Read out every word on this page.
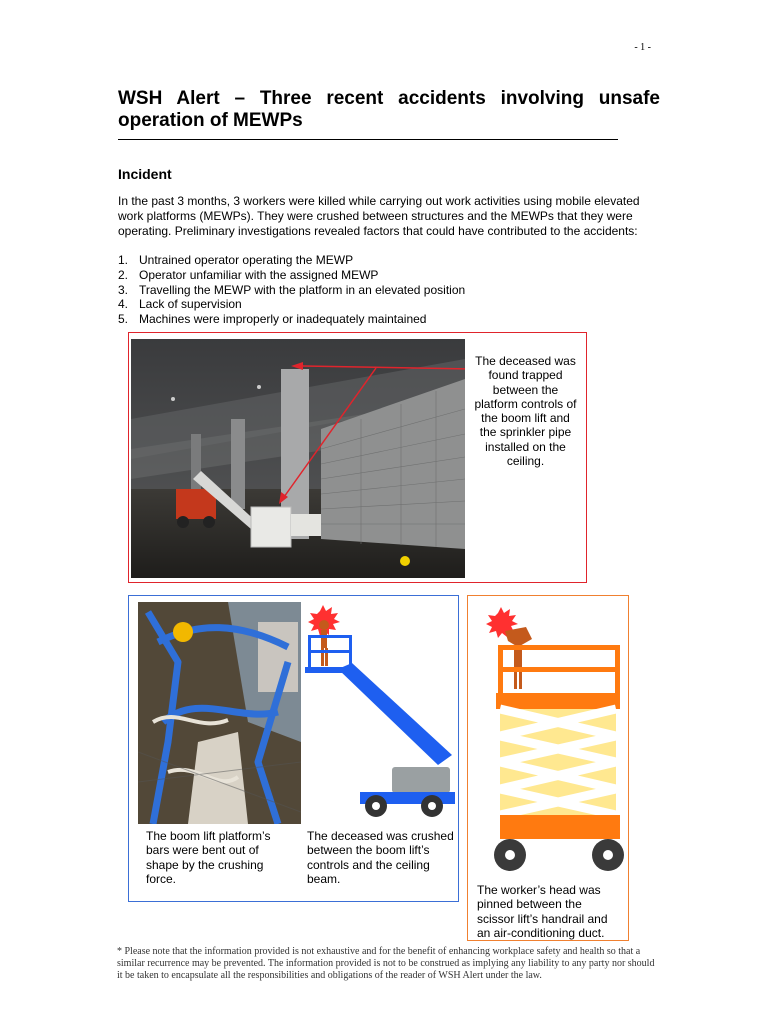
- 1 -
WSH Alert – Three recent accidents involving unsafe operation of MEWPs
Incident
In the past 3 months, 3 workers were killed while carrying out work activities using mobile elevated work platforms (MEWPs). They were crushed between structures and the MEWPs that they were operating. Preliminary investigations revealed factors that could have contributed to the accidents:
1. Untrained operator operating the MEWP
2. Operator unfamiliar with the assigned MEWP
3. Travelling the MEWP with the platform in an elevated position
4. Lack of supervision
5. Machines were improperly or inadequately maintained
The deceased was found trapped between the platform controls of the boom lift and the sprinkler pipe installed on the ceiling.
The boom lift platform’s bars were bent out of shape by the crushing force.
The deceased was crushed between the boom lift’s controls and the ceiling beam.
The worker’s head was pinned between the scissor lift’s handrail and an air-conditioning duct.
* Please note that the information provided is not exhaustive and for the benefit of enhancing workplace safety and health so that a similar recurrence may be prevented. The information provided is not to be construed as implying any liability to any party nor should it be taken to encapsulate all the responsibilities and obligations of the reader of WSH Alert under the law.
